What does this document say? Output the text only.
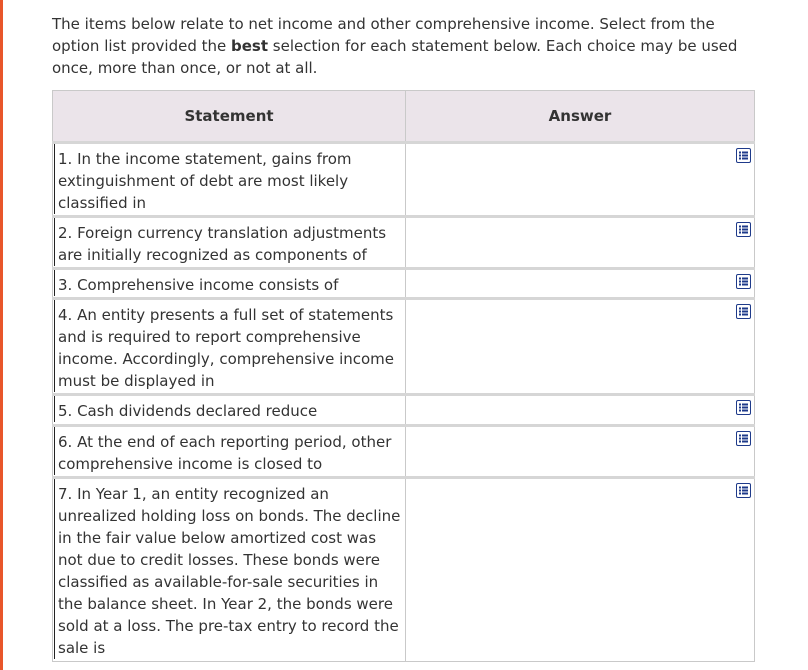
The items below relate to net income and other comprehensive income. Select from the option list provided the best selection for each statement below. Each choice may be used once, more than once, or not at all.

Statement	Answer

1. In the income statement, gains from extinguishment of debt are most likely classified in

2. Foreign currency translation adjustments are initially recognized as components of

3. Comprehensive income consists of

4. An entity presents a full set of statements and is required to report comprehensive income. Accordingly, comprehensive income must be displayed in

5. Cash dividends declared reduce

6. At the end of each reporting period, other comprehensive income is closed to

7. In Year 1, an entity recognized an unrealized holding loss on bonds. The decline in the fair value below amortized cost was not due to credit losses. These bonds were classified as available-for-sale securities in the balance sheet. In Year 2, the bonds were sold at a loss. The pre-tax entry to record the sale is
